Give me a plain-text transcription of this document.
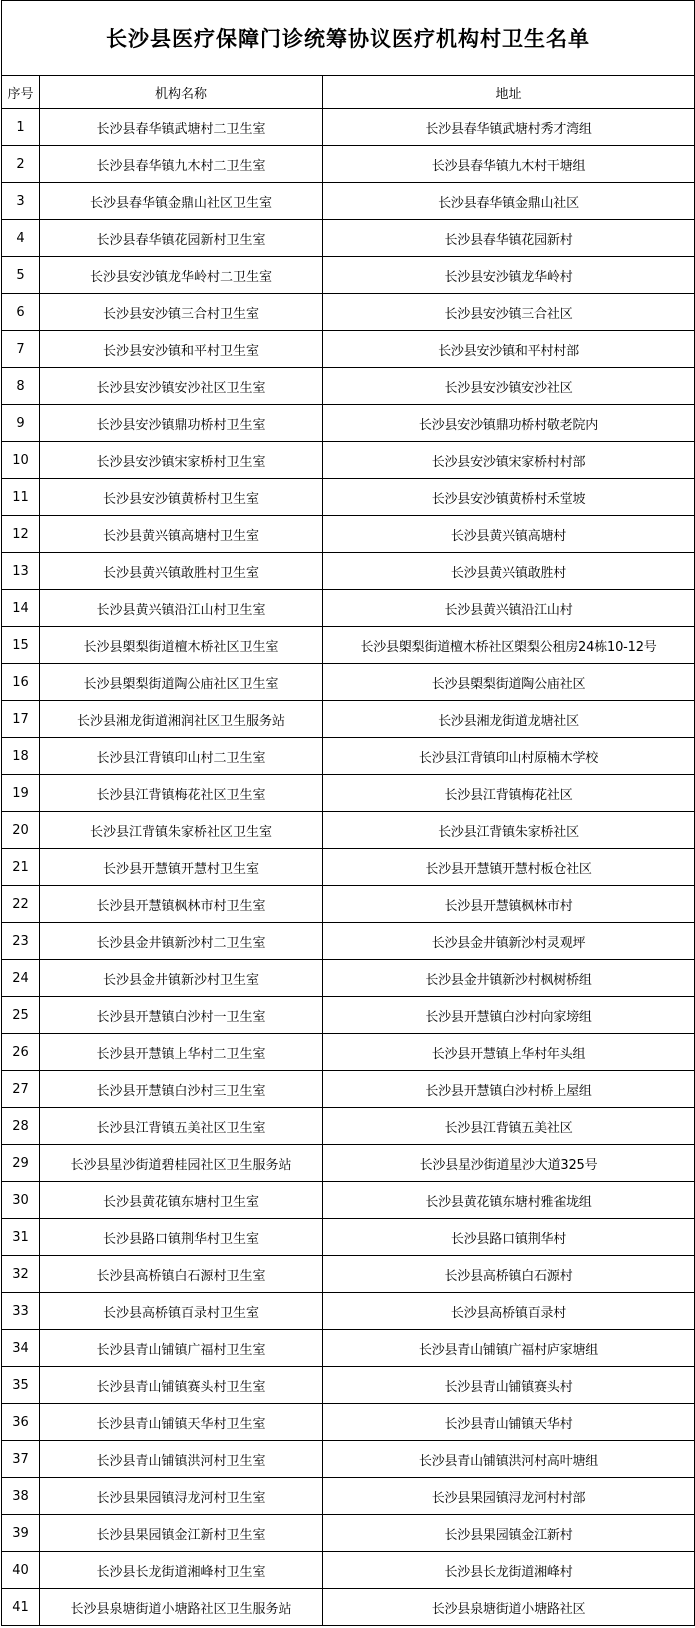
长沙县医疗保障门诊统筹协议医疗机构村卫生名单		
序号	机构名称	地址
1	长沙县春华镇武塘村二卫生室	长沙县春华镇武塘村秀才湾组
2	长沙县春华镇九木村二卫生室	长沙县春华镇九木村干塘组
3	长沙县春华镇金鼎山社区卫生室	长沙县春华镇金鼎山社区
4	长沙县春华镇花园新村卫生室	长沙县春华镇花园新村
5	长沙县安沙镇龙华岭村二卫生室	长沙县安沙镇龙华岭村
6	长沙县安沙镇三合村卫生室	长沙县安沙镇三合社区
7	长沙县安沙镇和平村卫生室	长沙县安沙镇和平村村部
8	长沙县安沙镇安沙社区卫生室	长沙县安沙镇安沙社区
9	长沙县安沙镇鼎功桥村卫生室	长沙县安沙镇鼎功桥村敬老院内
10	长沙县安沙镇宋家桥村卫生室	长沙县安沙镇宋家桥村村部
11	长沙县安沙镇黄桥村卫生室	长沙县安沙镇黄桥村禾堂坡
12	长沙县黄兴镇高塘村卫生室	长沙县黄兴镇高塘村
13	长沙县黄兴镇敢胜村卫生室	长沙县黄兴镇敢胜村
14	长沙县黄兴镇沿江山村卫生室	长沙县黄兴镇沿江山村
15	长沙县㮾梨街道檀木桥社区卫生室	长沙县㮾梨街道檀木桥社区㮾梨公租房24栋10-12号
16	长沙县㮾梨街道陶公庙社区卫生室	长沙县㮾梨街道陶公庙社区
17	长沙县湘龙街道湘润社区卫生服务站	长沙县湘龙街道龙塘社区
18	长沙县江背镇印山村二卫生室	长沙县江背镇印山村原楠木学校
19	长沙县江背镇梅花社区卫生室	长沙县江背镇梅花社区
20	长沙县江背镇朱家桥社区卫生室	长沙县江背镇朱家桥社区
21	长沙县开慧镇开慧村卫生室	长沙县开慧镇开慧村板仓社区
22	长沙县开慧镇枫林市村卫生室	长沙县开慧镇枫林市村
23	长沙县金井镇新沙村二卫生室	长沙县金井镇新沙村灵观坪
24	长沙县金井镇新沙村卫生室	长沙县金井镇新沙村枫树桥组
25	长沙县开慧镇白沙村一卫生室	长沙县开慧镇白沙村向家塝组
26	长沙县开慧镇上华村二卫生室	长沙县开慧镇上华村年头组
27	长沙县开慧镇白沙村三卫生室	长沙县开慧镇白沙村桥上屋组
28	长沙县江背镇五美社区卫生室	长沙县江背镇五美社区
29	长沙县星沙街道碧桂园社区卫生服务站	长沙县星沙街道星沙大道325号
30	长沙县黄花镇东塘村卫生室	长沙县黄花镇东塘村雅雀垅组
31	长沙县路口镇荆华村卫生室	长沙县路口镇荆华村
32	长沙县高桥镇白石源村卫生室	长沙县高桥镇白石源村
33	长沙县高桥镇百录村卫生室	长沙县高桥镇百录村
34	长沙县青山铺镇广福村卫生室	长沙县青山铺镇广福村庐家塘组
35	长沙县青山铺镇赛头村卫生室	长沙县青山铺镇赛头村
36	长沙县青山铺镇天华村卫生室	长沙县青山铺镇天华村
37	长沙县青山铺镇洪河村卫生室	长沙县青山铺镇洪河村高叶塘组
38	长沙县果园镇浔龙河村卫生室	长沙县果园镇浔龙河村村部
39	长沙县果园镇金江新村卫生室	长沙县果园镇金江新村
40	长沙县长龙街道湘峰村卫生室	长沙县长龙街道湘峰村
41	长沙县泉塘街道小塘路社区卫生服务站	长沙县泉塘街道小塘路社区
